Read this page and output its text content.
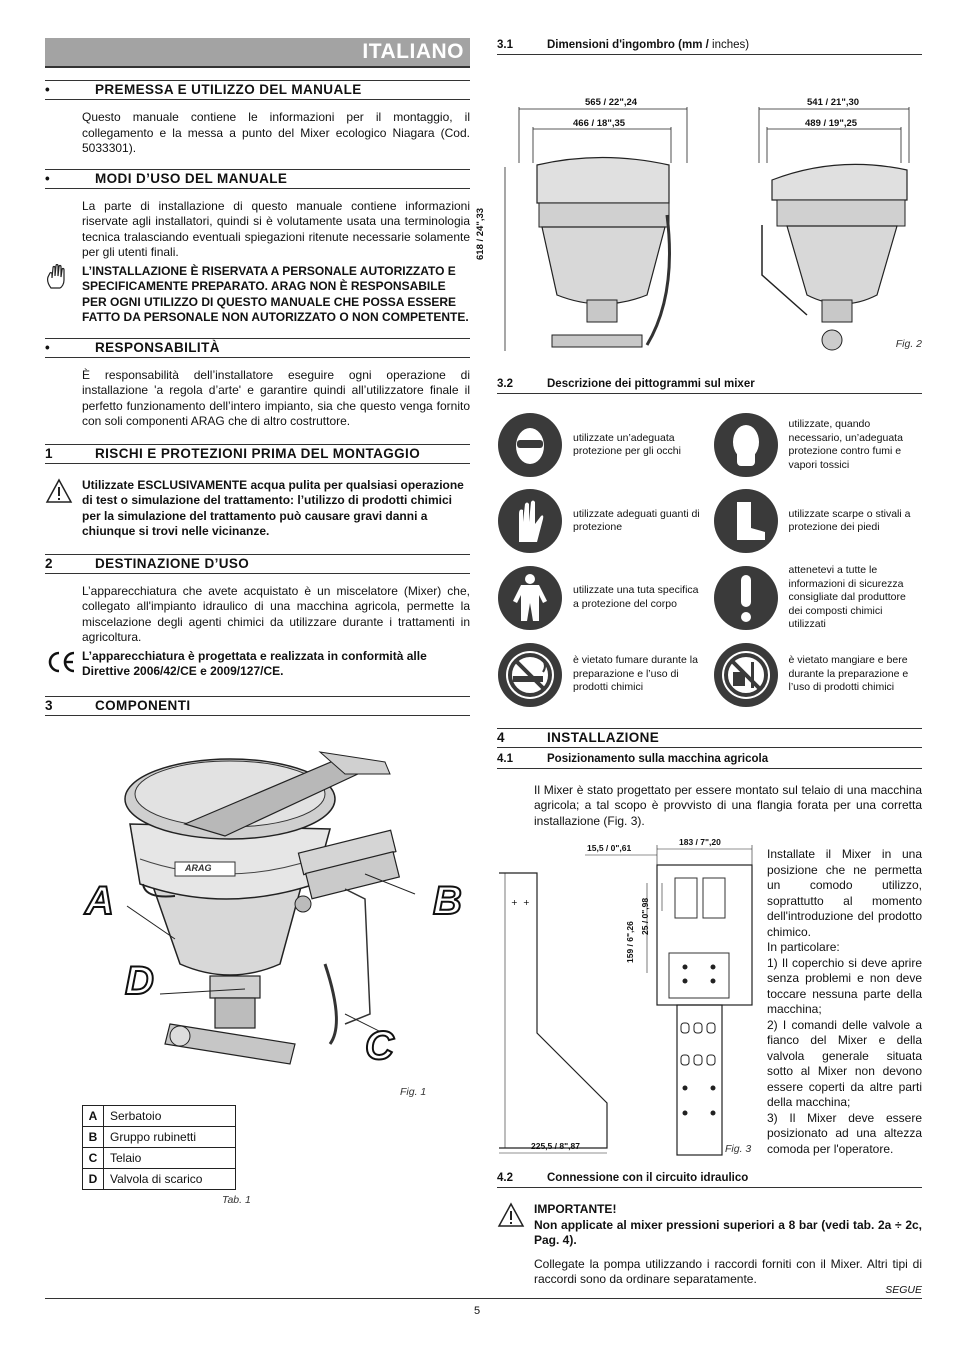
ITALIANO
•	PREMESSA E UTILIZZO DEL MANUALE
Questo manuale contiene le informazioni per il montaggio, il collegamento e la messa a punto del Mixer ecologico Niagara (Cod. 5033301).
•	MODI D’USO DEL MANUALE
La parte di installazione di questo manuale contiene informazioni riservate agli installatori, quindi si è volutamente usata una terminologia tecnica tralasciando eventuali spiegazioni ritenute necessarie solamente per gli utenti finali.
L’INSTALLAZIONE È RISERVATA A PERSONALE AUTORIZZATO E SPECIFICAMENTE PREPARATO. ARAG NON È RESPONSABILE PER OGNI UTILIZZO DI QUESTO MANUALE CHE POSSA ESSERE FATTO DA PERSONALE NON AUTORIZZATO O NON COMPETENTE.
•	RESPONSABILITÀ
È responsabilità dell’installatore eseguire ogni operazione di installazione 'a regola d’arte' e garantire quindi all’utilizzatore finale il perfetto funzionamento dell’intero impianto, sia che questo venga fornito con soli componenti ARAG che di altro costruttore.
1	RISCHI E PROTEZIONI PRIMA DEL MONTAGGIO
Utilizzate ESCLUSIVAMENTE acqua pulita per qualsiasi operazione di test o simulazione del trattamento: l’utilizzo di prodotti chimici per la simulazione del trattamento può causare gravi danni a chiunque si trovi nelle vicinanze.
2	DESTINAZIONE D’USO
L’apparecchiatura che avete acquistato è un miscelatore (Mixer) che, collegato all'impianto idraulico di una macchina agricola, permette la miscelazione degli agenti chimici da utilizzare durante i trattamenti in agricoltura.
L’apparecchiatura è progettata e realizzata in conformità alle Direttive 2006/42/CE e 2009/127/CE.
3	COMPONENTI
A	B
C
D
ARAG
Fig. 1
A	Serbatoio
B	Gruppo rubinetti
C	Telaio
D	Valvola di scarico
Tab. 1
3.1	Dimensioni d'ingombro (mm /
inches)
565 / 22",24
466 / 18",35
541 / 21",30
489 / 19",25
618 / 24",33
Fig. 2
3.2	Descrizione dei pittogrammi sul mixer
utilizzate un’adeguata protezione per gli occhi
utilizzate, quando necessario, un’adeguata protezione contro fumi e vapori tossici
utilizzate adeguati guanti di protezione
utilizzate scarpe o stivali a protezione dei piedi
utilizzate una tuta specifica a protezione del corpo
attenetevi a tutte le informazioni di sicurezza consigliate dal produttore dei composti chimici utilizzati
è vietato fumare durante la preparazione e l’uso di prodotti chimici
è vietato mangiare e bere durante la preparazione e l’uso di prodotti chimici
4	INSTALLAZIONE
4.1	Posizionamento sulla macchina agricola
Il Mixer è stato progettato per essere montato sul telaio di una macchina agricola; a tal scopo è provvisto di una flangia forata per una corretta installazione (Fig. 3).
+ +
15,5 / 0",61
183 / 7",20
159 / 6",26
25 / 0",98
225,5 / 8",87	Fig. 3
Installate il Mixer in una posizione che ne permetta un comodo utilizzo, soprattutto al momento dell'introduzione del prodotto chimico.
In particolare:
1) Il coperchio si deve aprire senza problemi e non deve toccare nessuna parte della macchina;
2) I comandi delle valvole a fianco del Mixer e della valvola generale situata sotto al Mixer non devono essere coperti da altre parti della macchina;
3) Il Mixer deve essere posizionato ad una altezza comoda per l'operatore.
4.2	Connessione con il circuito idraulico
IMPORTANTE!
Non applicate al mixer pressioni superiori a 8 bar (vedi tab. 2a ÷ 2c, Pag. 4).
Collegate la pompa utilizzando i raccordi forniti con il Mixer. Altri tipi di raccordi sono da ordinare separatamente.
SEGUE
5
